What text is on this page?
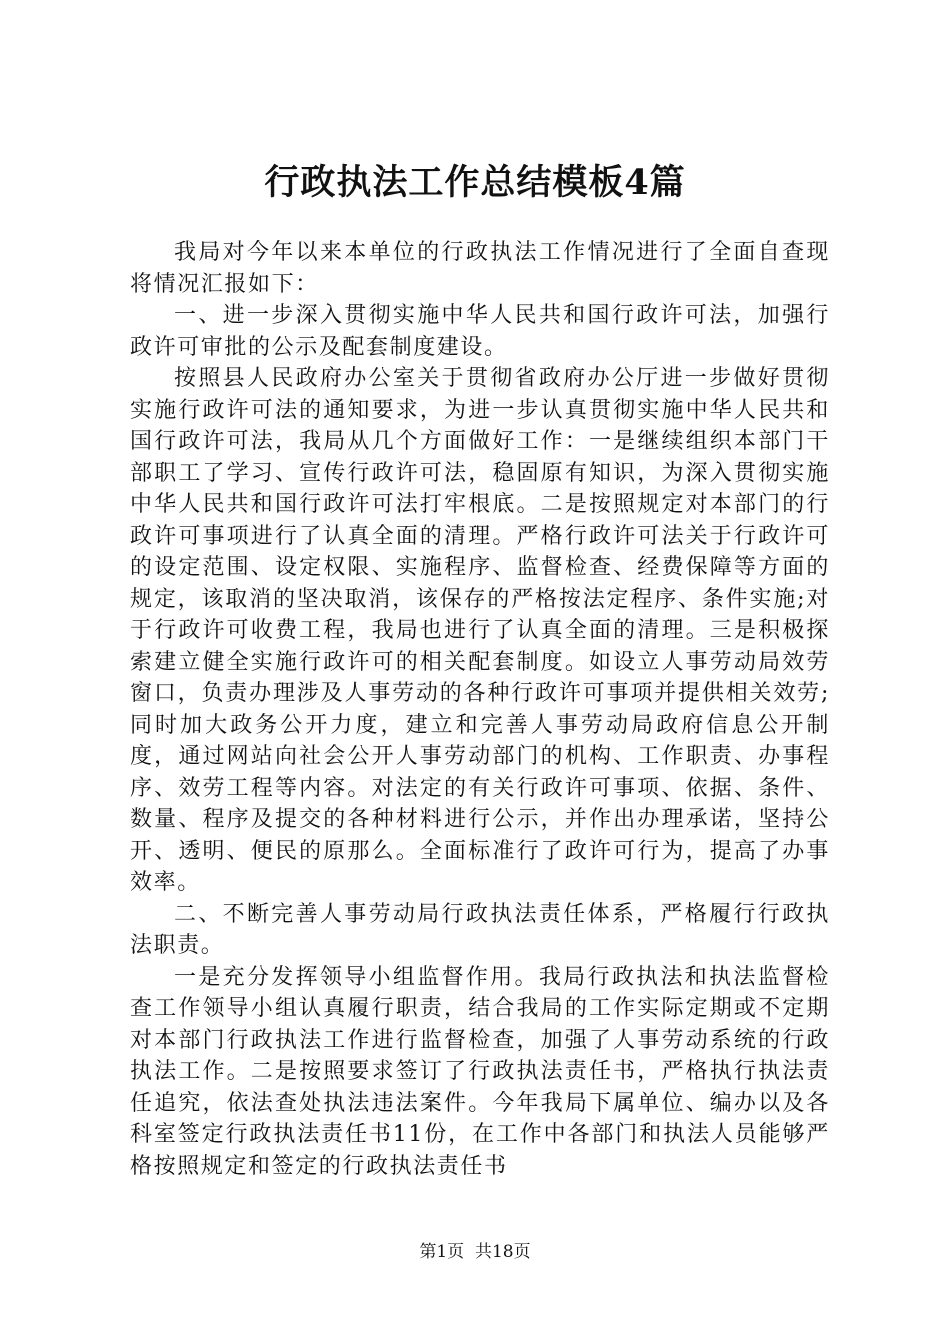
行政执法工作总结模板4篇

我局对今年以来本单位的行政执法工作情况进行了全面自查现将情况汇报如下：

一、进一步深入贯彻实施中华人民共和国行政许可法，加强行政许可审批的公示及配套制度建设。

按照县人民政府办公室关于贯彻省政府办公厅进一步做好贯彻实施行政许可法的通知要求，为进一步认真贯彻实施中华人民共和国行政许可法，我局从几个方面做好工作：一是继续组织本部门干部职工了学习、宣传行政许可法，稳固原有知识，为深入贯彻实施中华人民共和国行政许可法打牢根底。二是按照规定对本部门的行政许可事项进行了认真全面的清理。严格行政许可法关于行政许可的设定范围、设定权限、实施程序、监督检查、经费保障等方面的规定，该取消的坚决取消，该保存的严格按法定程序、条件实施;对于行政许可收费工程，我局也进行了认真全面的清理。三是积极探索建立健全实施行政许可的相关配套制度。如设立人事劳动局效劳窗口，负责办理涉及人事劳动的各种行政许可事项并提供相关效劳;同时加大政务公开力度，建立和完善人事劳动局政府信息公开制度，通过网站向社会公开人事劳动部门的机构、工作职责、办事程序、效劳工程等内容。对法定的有关行政许可事项、依据、条件、数量、程序及提交的各种材料进行公示，并作出办理承诺，坚持公开、透明、便民的原那么。全面标准行了政许可行为，提高了办事效率。

二、不断完善人事劳动局行政执法责任体系，严格履行行政执法职责。

一是充分发挥领导小组监督作用。我局行政执法和执法监督检查工作领导小组认真履行职责，结合我局的工作实际定期或不定期对本部门行政执法工作进行监督检查，加强了人事劳动系统的行政执法工作。二是按照要求签订了行政执法责任书，严格执行执法责任追究，依法查处执法违法案件。今年我局下属单位、编办以及各科室签定行政执法责任书11份，在工作中各部门和执法人员能够严格按照规定和签定的行政执法责任书

第1页  共18页
